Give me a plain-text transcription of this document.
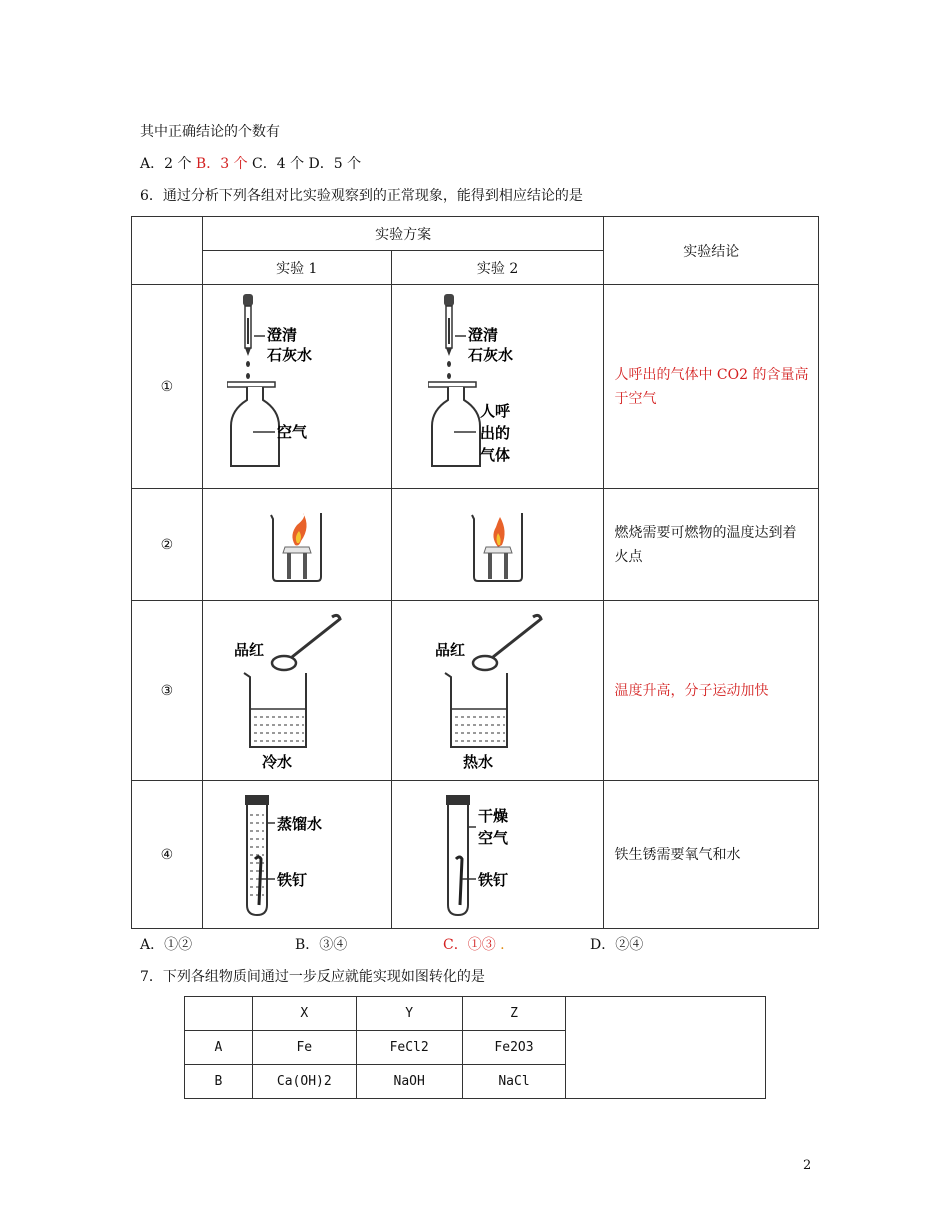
其中正确结论的个数有
A．2 个 B．3 个 C．4 个 D．5 个
6．通过分析下列各组对比实验观察到的正常现象，能得到相应结论的是
	实验方案		实验结论
	实验 1	实验 2	
①	澄清
石灰水
空气	澄清
石灰水
人呼
出的
气体	人呼出的气体中 CO2 的含量高于空气
②			燃烧需要可燃物的温度达到着火点
③	品红
冷水	品红
热水	温度升高，分子运动加快
④	蒸馏水
铁钉	干燥
空气
铁钉	铁生锈需要氧气和水
A．①②	B．③④	C．①③ .	D．②④
7．下列各组物质间通过一步反应就能实现如图转化的是
	X	Y	Z	
A	Fe	FeCl2	Fe2O3	
B	Ca(OH)2	NaOH	NaCl	
2
